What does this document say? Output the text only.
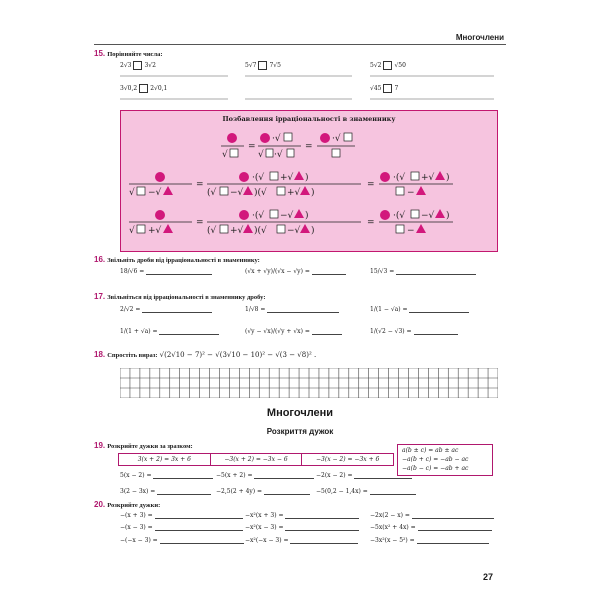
Многочлени
15. Порівняйте числа:
2√3 3√2	5√7 7√5	5√2 √50
3√0,2 2√0,1	√45 7
Позбавлення ірраціональності в знаменнику
√
=
·√
√ ·√
=
·√
√ −√
=
·(√ +√ )
(√ −√ )(√ +√ )
=
·(√ +√ )
−
√ +√
=
·(√ −√ )
(√ +√ )(√ −√ )
=
·(√ −√ )
−
16. Звільніть дроби від ірраціональності в знаменнику:
18/√6 =	(√x + √y)/(√x − √y) =	15/√3 =
17. Звільніться від ірраціональності в знаменнику дробу:
2/√2 =	1/√8 =	1/(1 − √a) =
1/(1 + √a) =	(√y − √x)/(√y + √x) =	1/(√2 − √3) =
18. Спростіть вираз: √(2√10 − 7)² − √(3√10 − 10)² − √(3 − √8)² .
Многочлени
Розкриття дужок
19. Розкрийте дужки за зразком:
3(x + 2) = 3x + 6	−3(x + 2) = −3x − 6	−3(x − 2) = −3x + 6
a(b ± c) = ab ± ac
−a(b + c) = −ab − ac
−a(b − c) = −ab + ac
5(x − 2) =	−5(x + 2) =	−2(x − 2) =
3(2 − 3x) =	−2,5(2 + 4y) =	−5(0,2 − 1,4x) =
20. Розкрийте дужки:
−(x + 3) =	−x²(x + 3) =	−2x(2 − x) =
−(x − 3) =	−x²(x − 3) =	−5x(x² + 4x) =
−(−x − 3) =	−x²(−x − 3) =	−3x²(x − 5²) =
27
